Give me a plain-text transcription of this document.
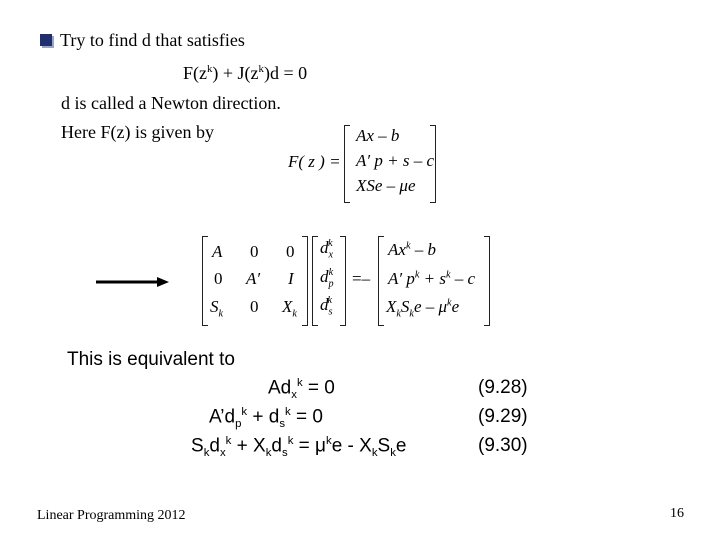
Try to find d that satisfies
$F(z^k) + J(z^k)d = 0$
d is called a Newton direction.
Here F(z) is given by
F( z ) =
Ax – b
A′ p + s – c
XSe – μe
A 0 0
0 A′ I
$S_k$ 0 $X_k$
$d_x^k$
$d_p^k$
$d_s^k$
=–
Ax$^k$ – b
A′ $p^k + s^k - c$
$X_kS_ke - \mu^ke$
This is equivalent to
$Ad_x^k = 0$	(9.28)
$A’d_p^k + d_s^k = 0$	(9.29)
$S_kd_x^k + X_kd_s^k = \mu^ke - X_kS_ke$	(9.30)
Linear Programming 2012	16
